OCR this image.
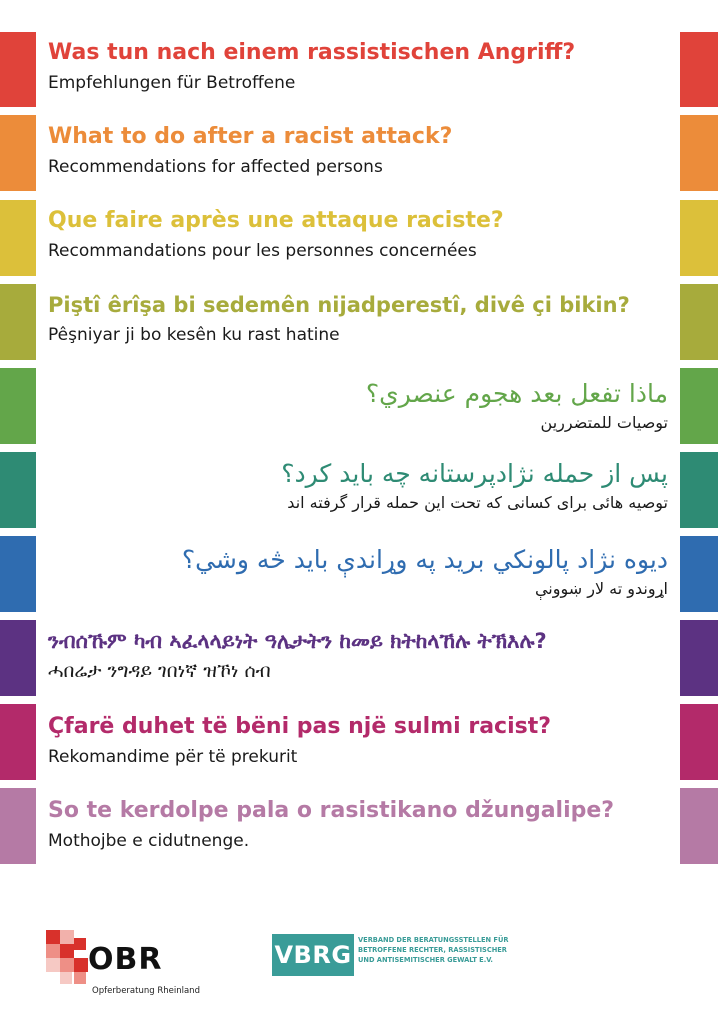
Was tun nach einem rassistischen Angriff?
Empfehlungen für Betroffene
What to do after a racist attack?
Recommendations for affected persons
Que faire après une attaque raciste?
Recommandations pour les personnes concernées
Piştî êrîşa bi sedemên nijadperestî, divê çi bikin?
Pêşniyar ji bo kesên ku rast hatine
ماذا تفعل بعد هجوم عنصري؟
توصيات للمتضررين
پس از حمله نژادپرستانه چه باید کرد؟
توصیه هائی برای کسانی که تحت این حمله قرار گرفته اند
دیوه نژاد پالونکي برید په وړاندې باید څه وشي؟
اړوندو ته لار ښوونې
ንብሰኹም ካብ ኣፈላላይነት ዓሌታትን ከመይ ክትከላኸሉ ትኽእሉ?
ሓበሬታ ንግዳይ ገበነኛ ዝኾነ ሰብ
Çfarë duhet të bëni pas një sulmi racist?
Rekomandime për të prekurit
So te kerdolpe pala o rasistikano džungalipe?
Mothojbe e cidutnenge.
OBR
Opferberatung Rheinland
VBRG
VERBAND DER BERATUNGSSTELLEN FÜR
BETROFFENE RECHTER, RASSISTISCHER
UND ANTISEMITISCHER GEWALT E.V.
